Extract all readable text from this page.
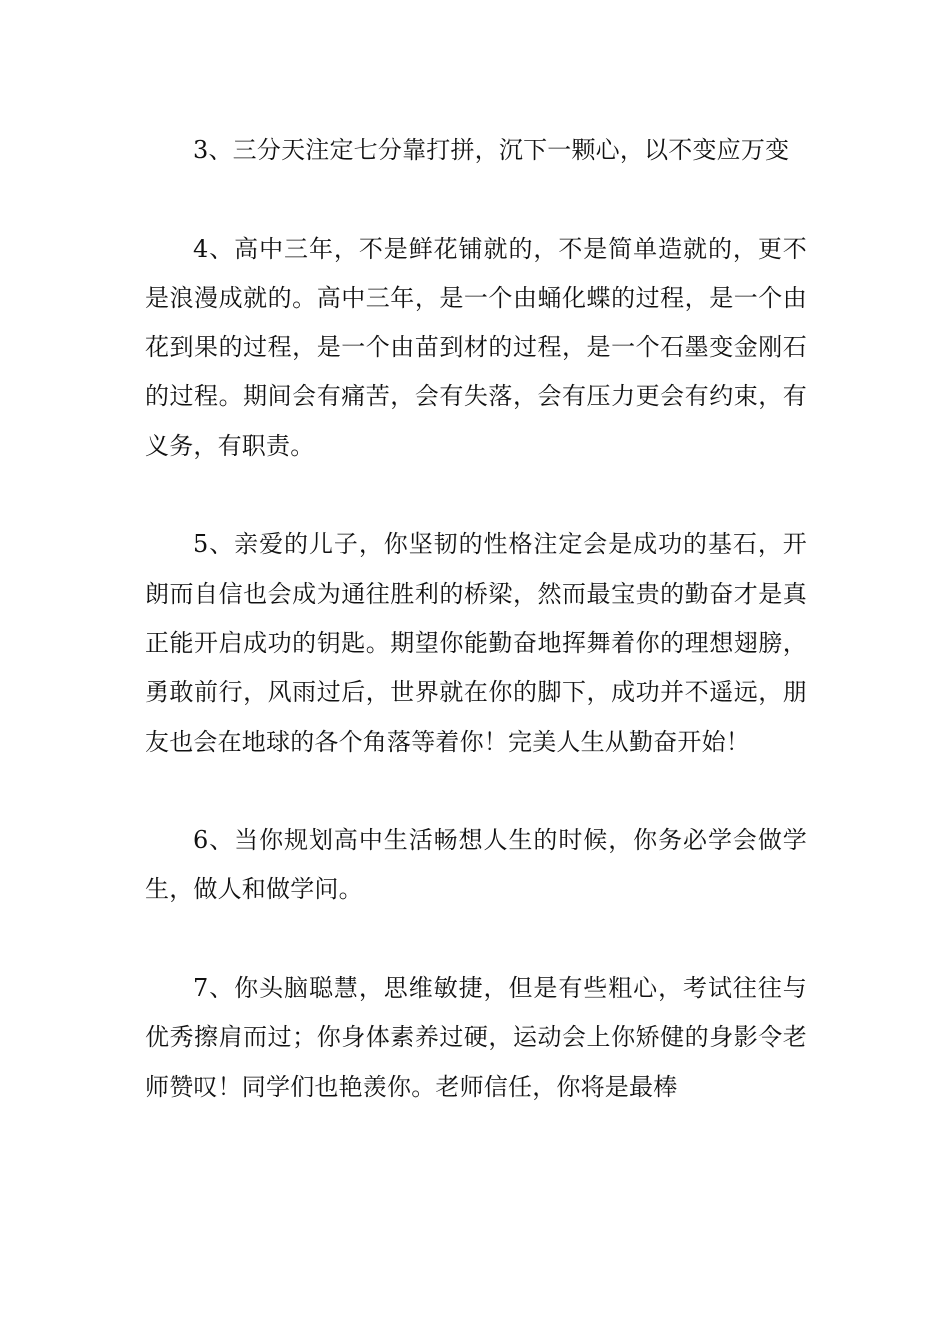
3、三分天注定七分靠打拼，沉下一颗心，以不变应万变

4、高中三年，不是鲜花铺就的，不是简单造就的，更不是浪漫成就的。高中三年，是一个由蛹化蝶的过程，是一个由花到果的过程，是一个由苗到材的过程，是一个石墨变金刚石的过程。期间会有痛苦，会有失落，会有压力更会有约束，有义务，有职责。

5、亲爱的儿子，你坚韧的性格注定会是成功的基石，开朗而自信也会成为通往胜利的桥梁，然而最宝贵的勤奋才是真正能开启成功的钥匙。期望你能勤奋地挥舞着你的理想翅膀，勇敢前行，风雨过后，世界就在你的脚下，成功并不遥远，朋友也会在地球的各个角落等着你！完美人生从勤奋开始！

6、当你规划高中生活畅想人生的时候，你务必学会做学生，做人和做学问。

7、你头脑聪慧，思维敏捷，但是有些粗心，考试往往与优秀擦肩而过；你身体素养过硬，运动会上你矫健的身影令老师赞叹！同学们也艳羡你。老师信任，你将是最棒
